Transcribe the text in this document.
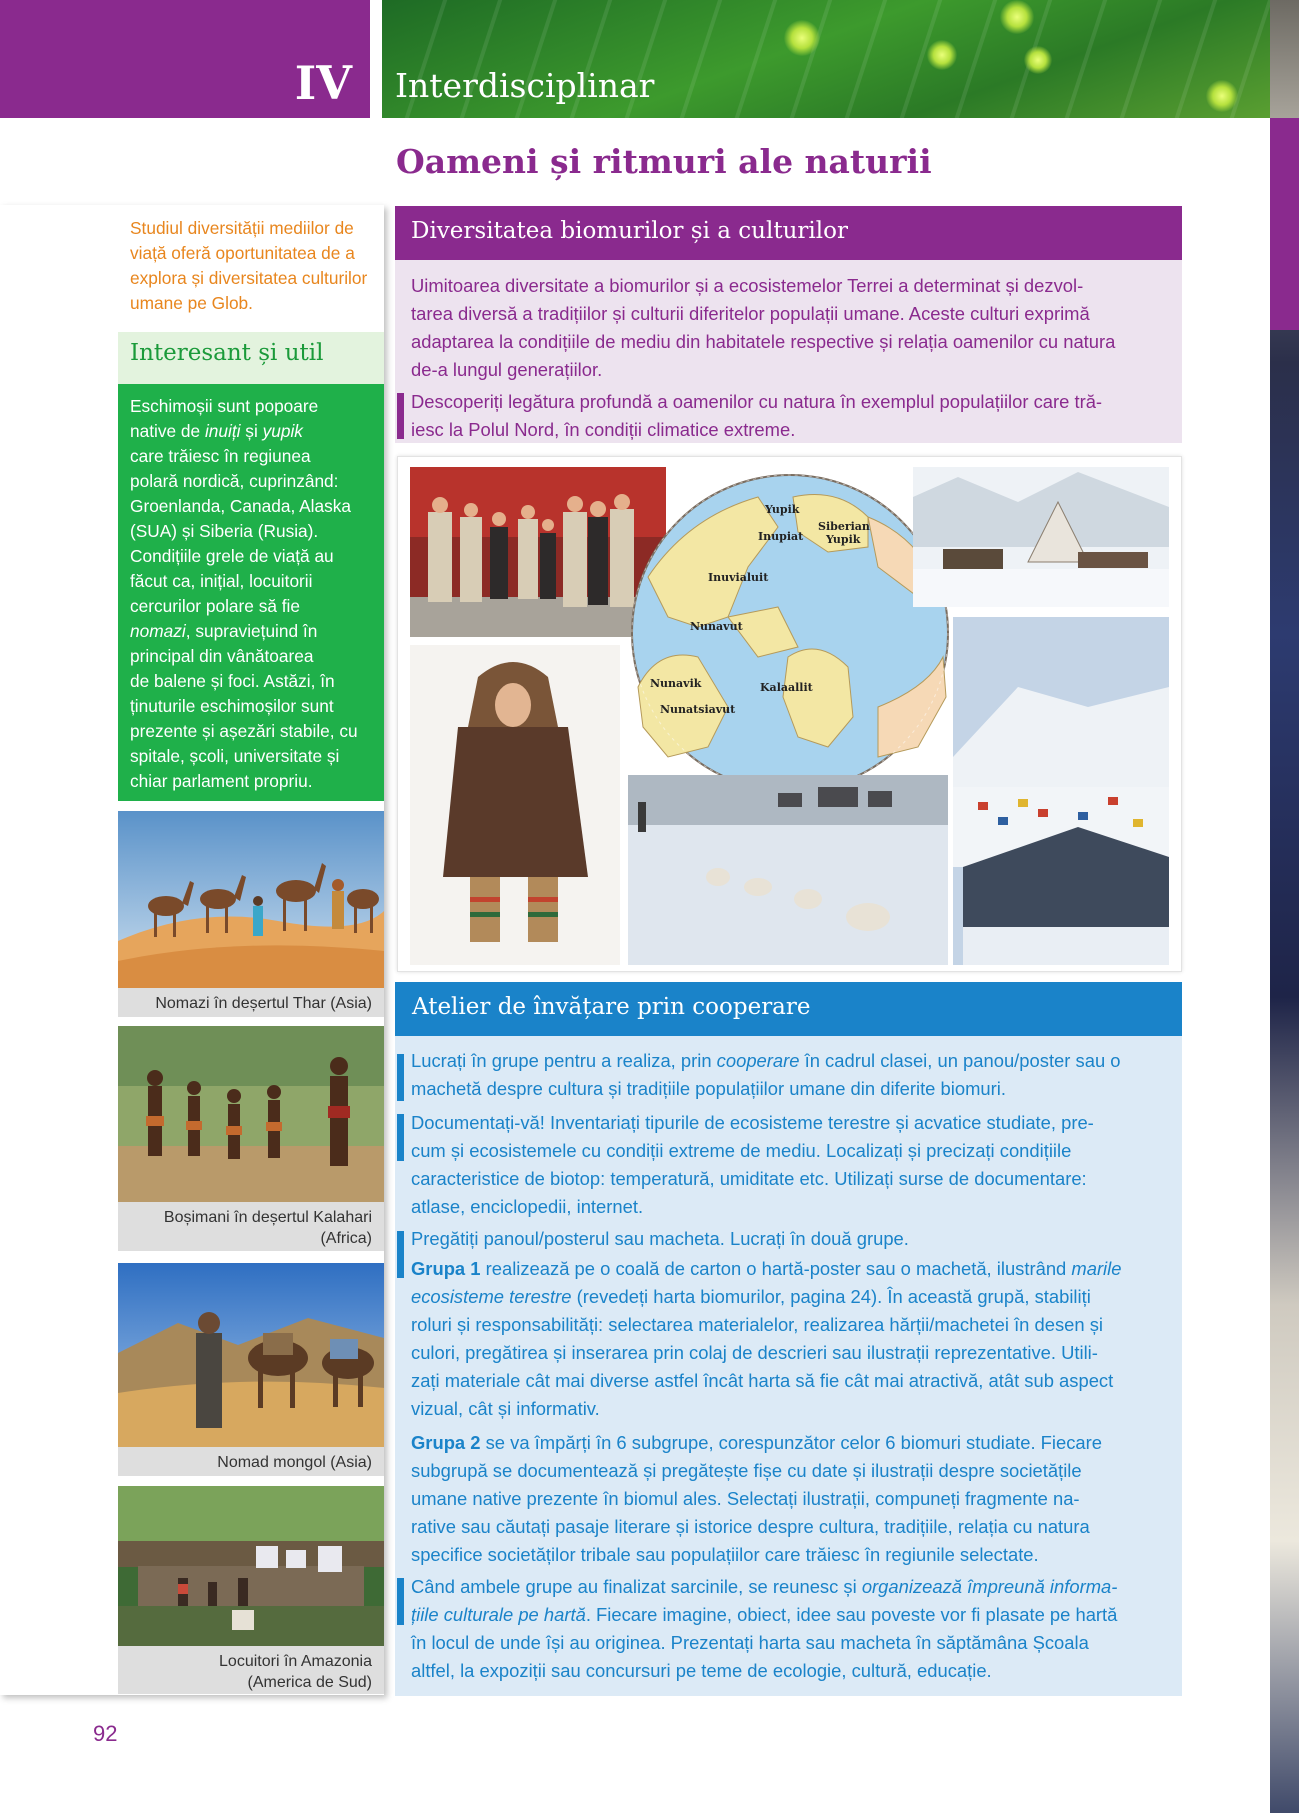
IV	Interdisciplinar
Oameni și ritmuri ale naturii
Studiul diversității mediilor de viață oferă oportunitatea de a explora și diversitatea culturilor umane pe Glob.
Interesant și util
Eschimoșii sunt popoare
native de inuiți și yupik
care trăiesc în regiunea
polară nordică, cuprinzând:
Groenlanda, Canada, Alaska
(SUA) și Siberia (Rusia).
Condițiile grele de viață au
făcut ca, inițial, locuitorii
cercurilor polare să fie
nomazi, supraviețuind în
principal din vânătoarea
de balene și foci. Astăzi, în
ținuturile eschimoșilor sunt
prezente și așezări stabile, cu
spitale, școli, universitate și
chiar parlament propriu.
Nomazi în deșertul Thar (Asia)
Boșimani în deșertul Kalahari
(Africa)
Nomad mongol (Asia)
Locuitori în Amazonia
(America de Sud)
Diversitatea biomurilor și a culturilor
Uimitoarea diversitate a biomurilor și a ecosistemelor Terrei a determinat și dezvol-
tarea diversă a tradițiilor și culturii diferitelor populații umane. Aceste culturi exprimă
adaptarea la condițiile de mediu din habitatele respective și relația oamenilor cu natura
de-a lungul generațiilor.
Descoperiți legătura profundă a oamenilor cu natura în exemplul populațiilor care tră-
iesc la Polul Nord, în condiții climatice extreme.
Yupik
Inupiat
Siberian
Yupik
Inuvialuit
Nunavut
Nunavik	Kalaallit
Nunatsiavut
Atelier de învățare prin cooperare
Lucrați în grupe pentru a realiza, prin cooperare în cadrul clasei, un panou/poster sau o
machetă despre cultura și tradițiile populațiilor umane din diferite biomuri.
Documentați-vă! Inventariați tipurile de ecosisteme terestre și acvatice studiate, pre-
cum și ecosistemele cu condiții extreme de mediu. Localizați și precizați condițiile
caracteristice de biotop: temperatură, umiditate etc. Utilizați surse de documentare:
atlase, enciclopedii, internet.
Pregătiți panoul/posterul sau macheta. Lucrați în două grupe.
Grupa 1 realizează pe o coală de carton o hartă-poster sau o machetă, ilustrând marile
ecosisteme terestre (revedeți harta biomurilor, pagina 24). În această grupă, stabiliți
roluri și responsabilități: selectarea materialelor, realizarea hărții/machetei în desen și
culori, pregătirea și inserarea prin colaj de descrieri sau ilustrații reprezentative. Utili-
zați materiale cât mai diverse astfel încât harta să fie cât mai atractivă, atât sub aspect
vizual, cât și informativ.
Grupa 2 se va împărți în 6 subgrupe, corespunzător celor 6 biomuri studiate. Fiecare
subgrupă se documentează și pregătește fișe cu date și ilustrații despre societățile
umane native prezente în biomul ales. Selectați ilustrații, compuneți fragmente na-
rative sau căutați pasaje literare și istorice despre cultura, tradițiile, relația cu natura
specifice societăților tribale sau populațiilor care trăiesc în regiunile selectate.
Când ambele grupe au finalizat sarcinile, se reunesc și organizează împreună informa-
țiile culturale pe hartă. Fiecare imagine, obiect, idee sau poveste vor fi plasate pe hartă
în locul de unde își au originea. Prezentați harta sau macheta în săptămâna Școala
altfel, la expoziții sau concursuri pe teme de ecologie, cultură, educație.
92
